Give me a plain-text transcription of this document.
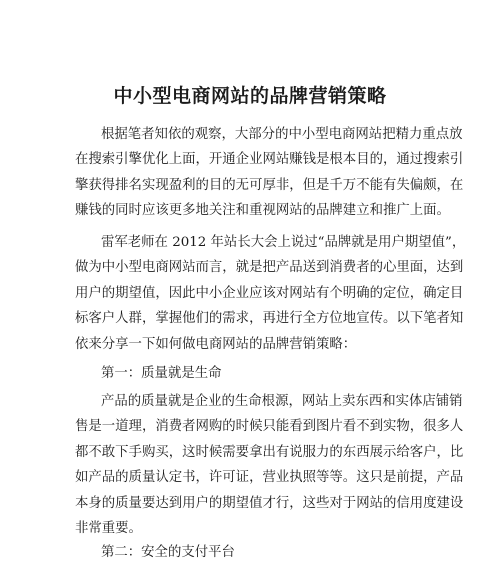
中小型电商网站的品牌营销策略
根据笔者知依的观察，大部分的中小型电商网站把精力重点放
在搜索引擎优化上面，开通企业网站赚钱是根本目的，通过搜索引
擎获得排名实现盈利的目的无可厚非，但是千万不能有失偏颇，在
赚钱的同时应该更多地关注和重视网站的品牌建立和推广上面。
雷军老师在 2012 年站长大会上说过“品牌就是用户期望值”，
做为中小型电商网站而言，就是把产品送到消费者的心里面，达到
用户的期望值，因此中小企业应该对网站有个明确的定位，确定目
标客户人群，掌握他们的需求，再进行全方位地宣传。以下笔者知
依来分享一下如何做电商网站的品牌营销策略：
第一：质量就是生命
产品的质量就是企业的生命根源，网站上卖东西和实体店铺销
售是一道理，消费者网购的时候只能看到图片看不到实物，很多人
都不敢下手购买，这时候需要拿出有说服力的东西展示给客户，比
如产品的质量认定书，许可证，营业执照等等。这只是前提，产品
本身的质量要达到用户的期望值才行，这些对于网站的信用度建设
非常重要。
第二：安全的支付平台
